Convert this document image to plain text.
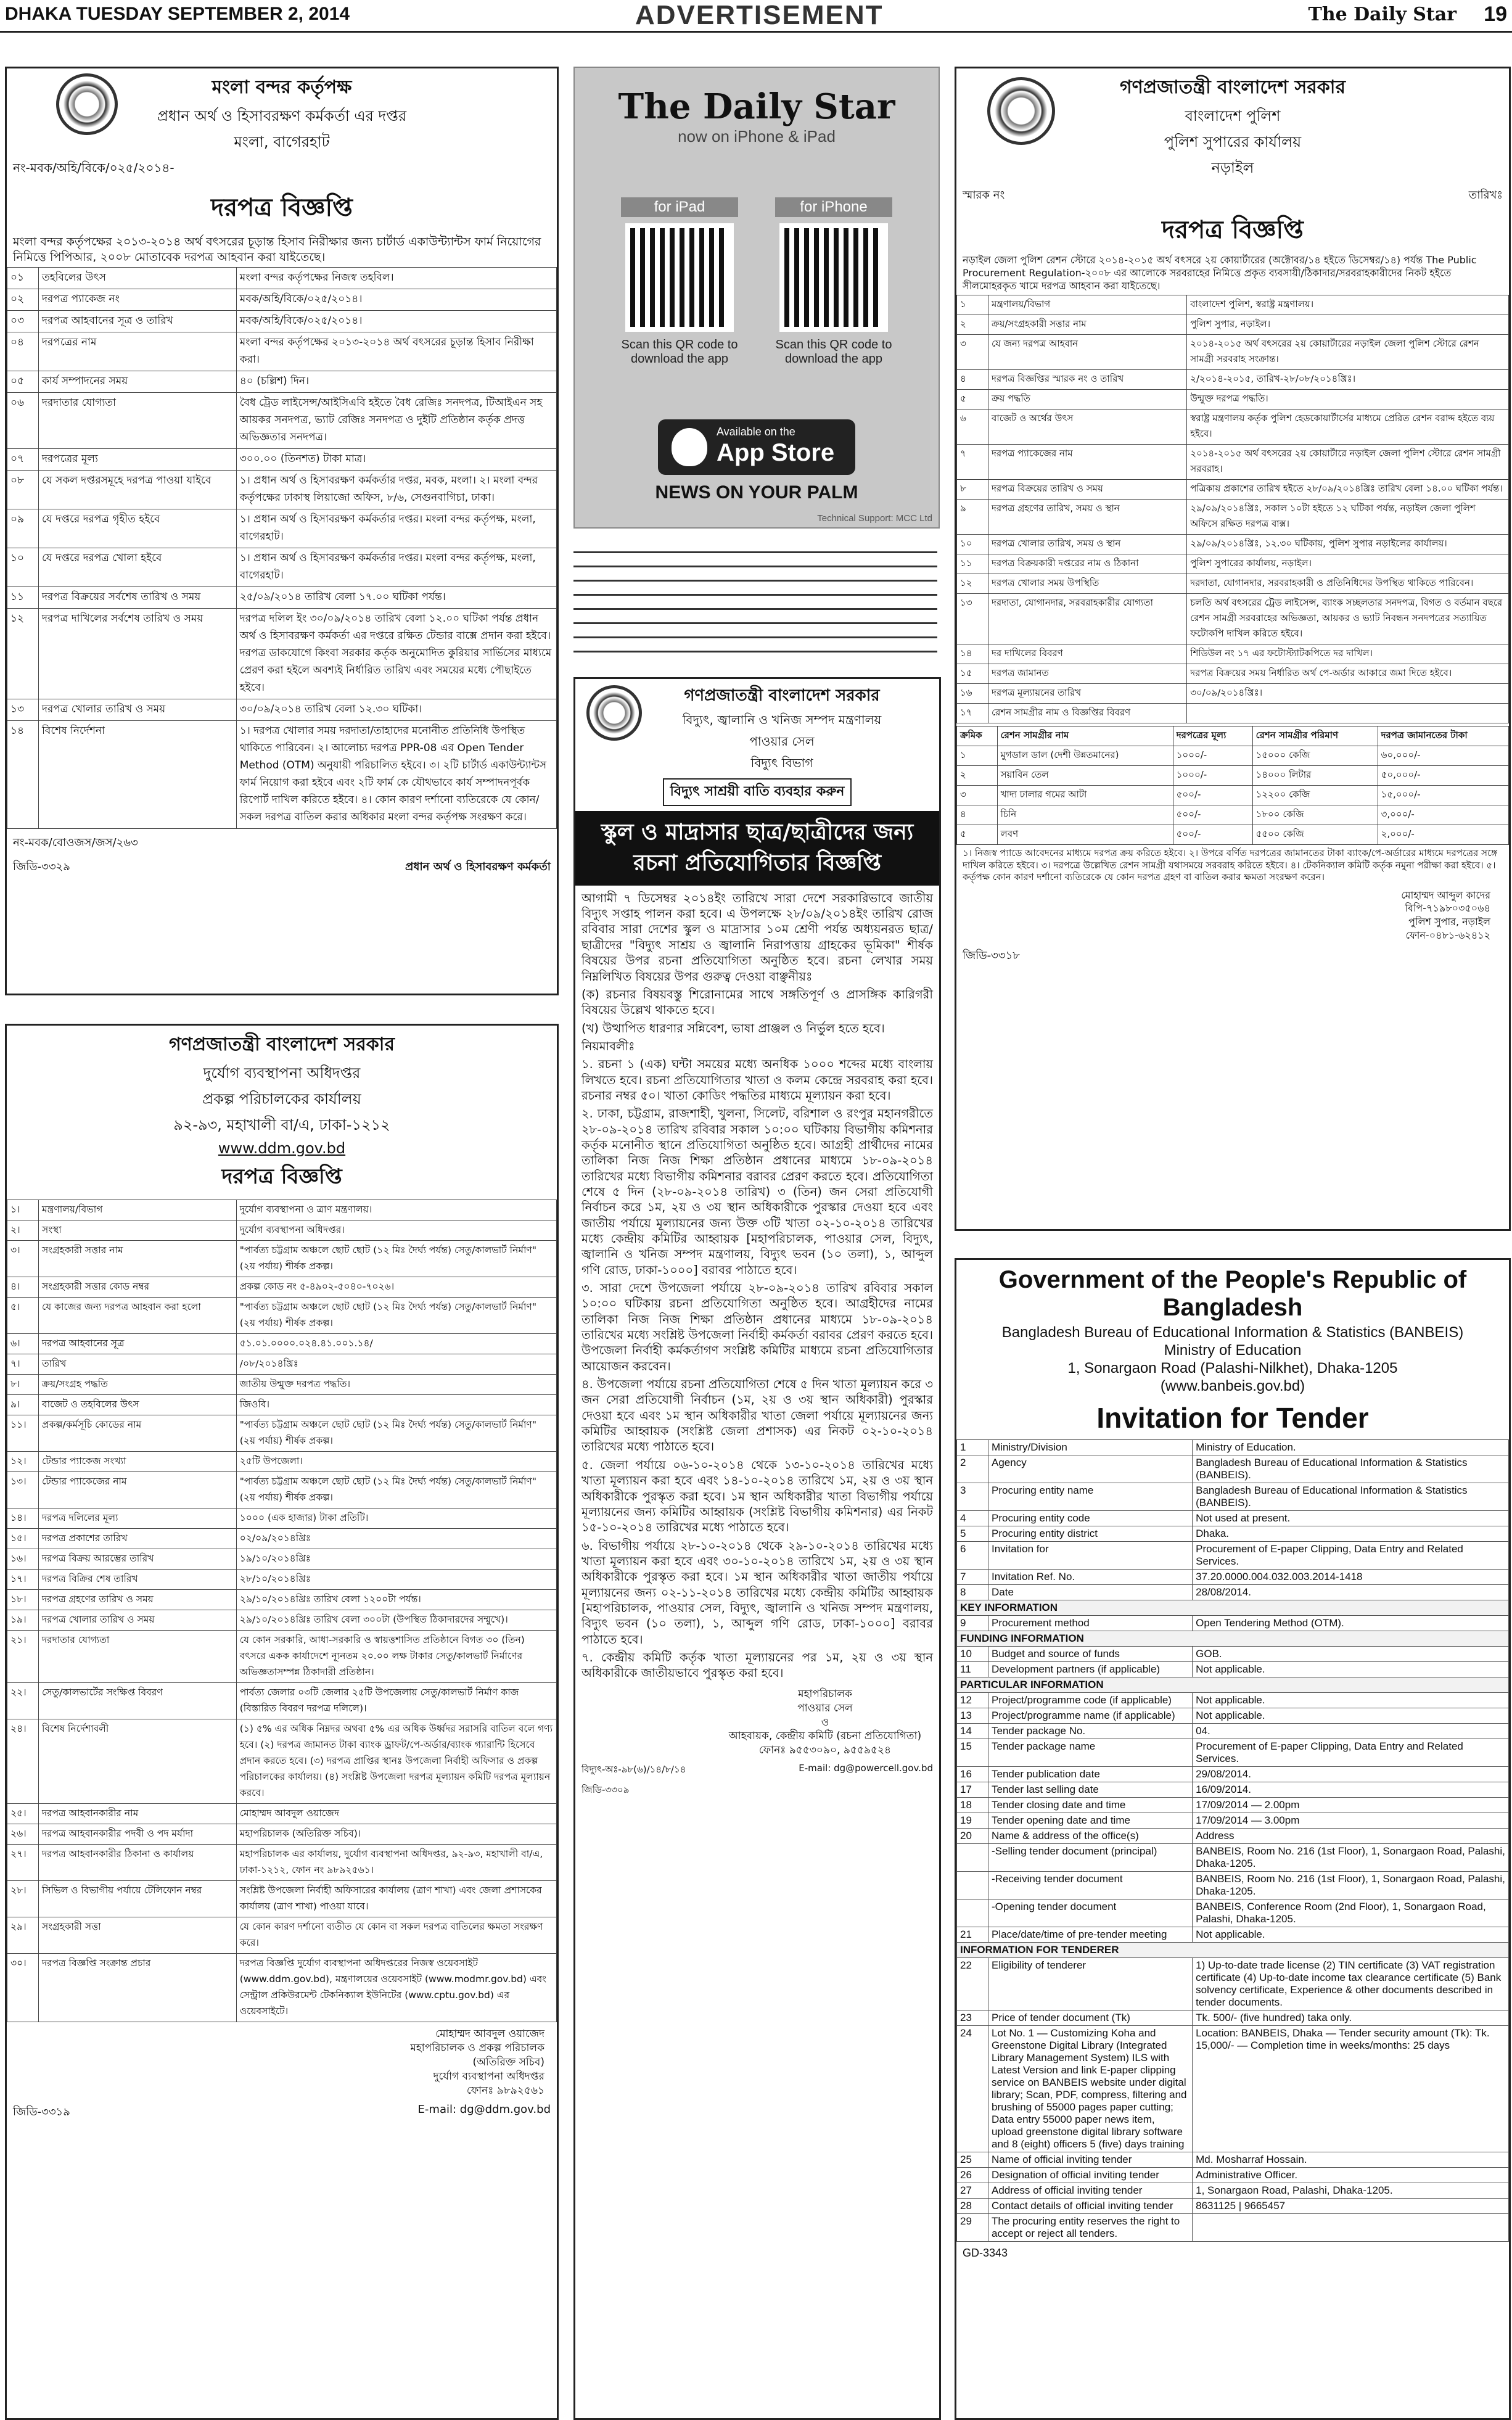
DHAKA TUESDAY SEPTEMBER 2, 2014	ADVERTISEMENT	The Daily Star 19
মংলা বন্দর কর্তৃপক্ষ
প্রধান অর্থ ও হিসাবরক্ষণ কর্মকর্তা এর দপ্তর
মংলা, বাগেরহাট
নং-মবক/অহি/বিকে/০২৫/২০১৪-
দরপত্র বিজ্ঞপ্তি
মংলা বন্দর কর্তৃপক্ষের ২০১৩-২০১৪ অর্থ বৎসরের চূড়ান্ত হিসাব নিরীক্ষার জন্য চার্টার্ড একাউন্ট্যান্টস ফার্ম নিয়োগের নিমিত্তে পিপিআর, ২০০৮ মোতাবেক দরপত্র আহবান করা যাইতেছে।
০১	তহবিলের উৎস	মংলা বন্দর কর্তৃপক্ষের নিজস্ব তহবিল।
০২	দরপত্র প্যাকেজ নং	মবক/অহি/বিকে/০২৫/২০১৪।
০৩	দরপত্র আহবানের সূত্র ও তারিখ	মবক/অহি/বিকে/০২৫/২০১৪।
০৪	দরপত্রের নাম	মংলা বন্দর কর্তৃপক্ষের ২০১৩-২০১৪ অর্থ বৎসরের চূড়ান্ত হিসাব নিরীক্ষা করা।
০৫	কার্য সম্পাদনের সময়	৪০ (চল্লিশ) দিন।
০৬	দরদাতার যোগ্যতা	বৈধ ট্রেড লাইসেন্স/আইসিএবি হইতে বৈধ রেজিঃ সনদপত্র, টিআইএন সহ আয়কর সনদপত্র, ভ্যাট রেজিঃ সনদপত্র ও দুইটি প্রতিষ্ঠান কর্তৃক প্রদত্ত অভিজ্ঞতার সনদপত্র।
০৭	দরপত্রের মূল্য	৩০০.০০ (তিনশত) টাকা মাত্র।
০৮	যে সকল দপ্তরসমূহে দরপত্র পাওয়া যাইবে	১। প্রধান অর্থ ও হিসাবরক্ষণ কর্মকর্তার দপ্তর, মবক, মংলা। ২। মংলা বন্দর কর্তৃপক্ষের ঢাকাস্থ লিয়াজো অফিস, ৮/৬, সেগুনবাগিচা, ঢাকা।
০৯	যে দপ্তরে দরপত্র গৃহীত হইবে	১। প্রধান অর্থ ও হিসাবরক্ষণ কর্মকর্তার দপ্তর। মংলা বন্দর কর্তৃপক্ষ, মংলা, বাগেরহাট।
১০	যে দপ্তরে দরপত্র খোলা হইবে	১। প্রধান অর্থ ও হিসাবরক্ষণ কর্মকর্তার দপ্তর। মংলা বন্দর কর্তৃপক্ষ, মংলা, বাগেরহাট।
১১	দরপত্র বিক্রয়ের সর্বশেষ তারিখ ও সময়	২৫/০৯/২০১৪ তারিখ বেলা ১৭.০০ ঘটিকা পর্যন্ত।
১২	দরপত্র দাখিলের সর্বশেষ তারিখ ও সময়	দরপত্র দলিল ইং ৩০/০৯/২০১৪ তারিখ বেলা ১২.০০ ঘটিকা পর্যন্ত প্রধান অর্থ ও হিসাবরক্ষণ কর্মকর্তা এর দপ্তরে রক্ষিত টেন্ডার বাক্সে প্রদান করা হইবে। দরপত্র ডাকযোগে কিংবা সরকার কর্তৃক অনুমোদিত কুরিয়ার সার্ভিসের মাধ্যমে প্রেরণ করা হইলে অবশ্যই নির্ধারিত তারিখ এবং সময়ের মধ্যে পৌছাইতে হইবে।
১৩	দরপত্র খোলার তারিখ ও সময়	৩০/০৯/২০১৪ তারিখ বেলা ১২.৩০ ঘটিকা।
১৪	বিশেষ নির্দেশনা	১। দরপত্র খোলার সময় দরদাতা/তাহাদের মনোনীত প্রতিনিধি উপস্থিত থাকিতে পারিবেন। ২। আলোচ্য দরপত্র PPR-08 এর Open Tender Method (OTM) অনুযায়ী পরিচালিত হইবে। ৩। ২টি চার্টার্ড একাউন্ট্যান্টস ফার্ম নিয়োগ করা হইবে এবং ২টি ফার্ম কে যৌথভাবে কার্য সম্পাদনপূর্বক রিপোর্ট দাখিল করিতে হইবে। ৪। কোন কারণ দর্শানো ব্যতিরেকে যে কোন/সকল দরপত্র বাতিল করার অধিকার মংলা বন্দর কর্তৃপক্ষ সংরক্ষণ করে।
নং-মবক/বোওজস/জস/২৬৩
জিডি-৩৩২৯	প্রধান অর্থ ও হিসাবরক্ষণ কর্মকর্তা
গণপ্রজাতন্ত্রী বাংলাদেশ সরকার
দুর্যোগ ব্যবস্থাপনা অধিদপ্তর
প্রকল্প পরিচালকের কার্যালয়
৯২-৯৩, মহাখালী বা/এ, ঢাকা-১২১২
www.ddm.gov.bd
দরপত্র বিজ্ঞপ্তি
১।	মন্ত্রণালয়/বিভাগ	দুর্যোগ ব্যবস্থাপনা ও ত্রাণ মন্ত্রণালয়।
২।	সংস্থা	দুর্যোগ ব্যবস্থাপনা অধিদপ্তর।
৩।	সংগ্রহকারী সত্তার নাম	"পার্বত্য চট্টগ্রাম অঞ্চলে ছোট ছোট (১২ মিঃ দৈর্ঘ্য পর্যন্ত) সেতু/কালভার্ট নির্মাণ" (২য় পর্যায়) শীর্ষক প্রকল্প।
৪।	সংগ্রহকারী সত্তার কোড নম্বর	প্রকল্প কোড নং ৫-৪৯০২-৫০৪০-৭০২৬।
৫।	যে কাজের জন্য দরপত্র আহবান করা হলো	"পার্বত্য চট্টগ্রাম অঞ্চলে ছোট ছোট (১২ মিঃ দৈর্ঘ্য পর্যন্ত) সেতু/কালভার্ট নির্মাণ" (২য় পর্যায়) শীর্ষক প্রকল্প।
৬।	দরপত্র আহবানের সূত্র	৫১.০১.০০০০.০২৪.৪১.০০১.১৪/
৭।	তারিখ	/০৮/২০১৪খ্রিঃ
৮।	ক্রয়/সংগ্রহ পদ্ধতি	জাতীয় উন্মুক্ত দরপত্র পদ্ধতি।
৯।	বাজেট ও তহবিলের উৎস	জিওবি।
১১।	প্রকল্প/কর্মসূচি কোডের নাম	"পার্বত্য চট্টগ্রাম অঞ্চলে ছোট ছোট (১২ মিঃ দৈর্ঘ্য পর্যন্ত) সেতু/কালভার্ট নির্মাণ" (২য় পর্যায়) শীর্ষক প্রকল্প।
১২।	টেন্ডার প্যাকেজ সংখ্যা	২৫টি উপজেলা।
১৩।	টেন্ডার প্যাকেজের নাম	"পার্বত্য চট্টগ্রাম অঞ্চলে ছোট ছোট (১২ মিঃ দৈর্ঘ্য পর্যন্ত) সেতু/কালভার্ট নির্মাণ" (২য় পর্যায়) শীর্ষক প্রকল্প।
১৪।	দরপত্র দলিলের মূল্য	১০০০ (এক হাজার) টাকা প্রতিটি।
১৫।	দরপত্র প্রকাশের তারিখ	০২/০৯/২০১৪খ্রিঃ
১৬।	দরপত্র বিক্রয় আরম্ভের তারিখ	১৯/১০/২০১৪খ্রিঃ
১৭।	দরপত্র বিক্রির শেষ তারিখ	২৮/১০/২০১৪খ্রিঃ
১৮।	দরপত্র গ্রহণের তারিখ ও সময়	২৯/১০/২০১৪খ্রিঃ তারিখ বেলা ১২০০টা পর্যন্ত।
১৯।	দরপত্র খোলার তারিখ ও সময়	২৯/১০/২০১৪খ্রিঃ তারিখ বেলা ৩০০টা (উপস্থিত ঠিকাদারদের সম্মুখে)।
২১।	দরদাতার যোগ্যতা	যে কোন সরকারি, আধা-সরকারি ও স্বায়ত্তশাসিত প্রতিষ্ঠানে বিগত ৩০ (তিন) বৎসরে একক কার্যাদেশে ন্যূনতম ২০.০০ লক্ষ টাকার সেতু/কালভার্ট নির্মাণের অভিজ্ঞতাসম্পন্ন ঠিকাদারী প্রতিষ্ঠান।
২২।	সেতু/কালভার্টের সংক্ষিপ্ত বিবরণ	পার্বত্য জেলার ০৩টি জেলার ২৫টি উপজেলায় সেতু/কালভার্ট নির্মাণ কাজ (বিস্তারিত বিবরণ দরপত্র দলিলে)।
২৪।	বিশেষ নির্দেশাবলী	(১) ৫% এর অধিক নিম্নদর অথবা ৫% এর অধিক উর্ধ্বদর সরাসরি বাতিল বলে গণ্য হবে। (২) দরপত্র জামানত টাকা ব্যাংক ড্রাফট/পে-অর্ডার/ব্যাংক গ্যারান্টি হিসেবে প্রদান করতে হবে। (৩) দরপত্র প্রাপ্তির স্থানঃ উপজেলা নির্বাহী অফিসার ও প্রকল্প পরিচালকের কার্যালয়। (৪) সংশ্লিষ্ট উপজেলা দরপত্র মূল্যায়ন কমিটি দরপত্র মূল্যায়ন করবে।
২৫।	দরপত্র আহবানকারীর নাম	মোহাম্মদ আবদুল ওয়াজেদ
২৬।	দরপত্র আহবানকারীর পদবী ও পদ মর্যাদা	মহাপরিচালক (অতিরিক্ত সচিব)।
২৭।	দরপত্র আহবানকারীর ঠিকানা ও কার্যালয়	মহাপরিচালক এর কার্যালয়, দুর্যোগ ব্যবস্থাপনা অধিদপ্তর, ৯২-৯৩, মহাখালী বা/এ, ঢাকা-১২১২, ফোন নং ৯৮৯২৫৬১।
২৮।	সিভিল ও বিভাগীয় পর্যায়ে টেলিফোন নম্বর	সংশ্লিষ্ট উপজেলা নির্বাহী অফিসারের কার্যালয় (ত্রাণ শাখা) এবং জেলা প্রশাসকের কার্যালয় (ত্রাণ শাখা) পাওয়া যাবে।
২৯।	সংগ্রহকারী সত্তা	যে কোন কারণ দর্শানো ব্যতীত যে কোন বা সকল দরপত্র বাতিলের ক্ষমতা সংরক্ষণ করে।
৩০।	দরপত্র বিজ্ঞপ্তি সংক্রান্ত প্রচার	দরপত্র বিজ্ঞপ্তি দুর্যোগ ব্যবস্থাপনা অধিদপ্তরের নিজস্ব ওয়েবসাইট (www.ddm.gov.bd), মন্ত্রণালয়ের ওয়েবসাইট (www.modmr.gov.bd) এবং সেন্ট্রাল প্রকিউরমেন্ট টেকনিক্যাল ইউনিটের (www.cptu.gov.bd) এর ওয়েবসাইটে।
মোহাম্মদ আবদুল ওয়াজেদ
মহাপরিচালক ও প্রকল্প পরিচালক
(অতিরিক্ত সচিব)
দুর্যোগ ব্যবস্থাপনা অধিদপ্তর
ফোনঃ ৯৮৯২৫৬১
জিডি-৩৩১৯	E-mail: dg@ddm.gov.bd
The Daily Star
now on iPhone & iPad
for iPad
Scan this QR code to download the app
for iPhone
Scan this QR code to download the app
Available on the
App Store
NEWS ON YOUR PALM
Technical Support: MCC Ltd
গণপ্রজাতন্ত্রী বাংলাদেশ সরকার
বিদ্যুৎ, জ্বালানি ও খনিজ সম্পদ মন্ত্রণালয়
পাওয়ার সেল
বিদ্যুৎ বিভাগ
বিদ্যুৎ সাশ্রয়ী বাতি ব্যবহার করুন
স্কুল ও মাদ্রাসার ছাত্র/ছাত্রীদের জন্য রচনা প্রতিযোগিতার বিজ্ঞপ্তি
আগামী ৭ ডিসেম্বর ২০১৪ইং তারিখে সারা দেশে সরকারিভাবে জাতীয় বিদ্যুৎ সপ্তাহ পালন করা হবে। এ উপলক্ষে ২৮/০৯/২০১৪ইং তারিখ রোজ রবিবার সারা দেশের স্কুল ও মাদ্রাসার ১০ম শ্রেণী পর্যন্ত অধ্যয়নরত ছাত্র/ছাত্রীদের "বিদ্যুৎ সাশ্রয় ও জ্বালানি নিরাপত্তায় গ্রাহকের ভূমিকা" শীর্ষক বিষয়ের উপর রচনা প্রতিযোগিতা অনুষ্ঠিত হবে। রচনা লেখার সময় নিম্নলিখিত বিষয়ের উপর গুরুত্ব দেওয়া বাঞ্ছনীয়ঃ
(ক) রচনার বিষয়বস্তু শিরোনামের সাথে সঙ্গতিপূর্ণ ও প্রাসঙ্গিক কারিগরী বিষয়ের উল্লেখ থাকতে হবে।
(খ) উত্থাপিত ধারণার সন্নিবেশ, ভাষা প্রাঞ্জল ও নির্ভুল হতে হবে।
নিয়মাবলীঃ
১. রচনা ১ (এক) ঘন্টা সময়ের মধ্যে অনধিক ১০০০ শব্দের মধ্যে বাংলায় লিখতে হবে। রচনা প্রতিযোগিতার খাতা ও কলম কেন্দ্রে সরবরাহ করা হবে। রচনার নম্বর ৫০। খাতা কোডিং পদ্ধতির মাধ্যমে মূল্যায়ন করা হবে।
২. ঢাকা, চট্টগ্রাম, রাজশাহী, খুলনা, সিলেট, বরিশাল ও রংপুর মহানগরীতে ২৮-০৯-২০১৪ তারিখ রবিবার সকাল ১০:০০ ঘটিকায় বিভাগীয় কমিশনার কর্তৃক মনোনীত স্থানে প্রতিযোগিতা অনুষ্ঠিত হবে। আগ্রহী প্রার্থীদের নামের তালিকা নিজ নিজ শিক্ষা প্রতিষ্ঠান প্রধানের মাধ্যমে ১৮-০৯-২০১৪ তারিখের মধ্যে বিভাগীয় কমিশনার বরাবর প্রেরণ করতে হবে। প্রতিযোগিতা শেষে ৫ দিন (২৮-০৯-২০১৪ তারিখ) ৩ (তিন) জন সেরা প্রতিযোগী নির্বাচন করে ১ম, ২য় ও ৩য় স্থান অধিকারীকে পুরস্কার দেওয়া হবে এবং জাতীয় পর্যায়ে মূল্যায়নের জন্য উক্ত ৩টি খাতা ০২-১০-২০১৪ তারিখের মধ্যে কেন্দ্রীয় কমিটির আহ্বায়ক [মহাপরিচালক, পাওয়ার সেল, বিদ্যুৎ, জ্বালানি ও খনিজ সম্পদ মন্ত্রণালয়, বিদ্যুৎ ভবন (১০ তলা), ১, আব্দুল গণি রোড, ঢাকা-১০০০] বরাবর পাঠাতে হবে।
৩. সারা দেশে উপজেলা পর্যায়ে ২৮-০৯-২০১৪ তারিখ রবিবার সকাল ১০:০০ ঘটিকায় রচনা প্রতিযোগিতা অনুষ্ঠিত হবে। আগ্রহীদের নামের তালিকা নিজ নিজ শিক্ষা প্রতিষ্ঠান প্রধানের মাধ্যমে ১৮-০৯-২০১৪ তারিখের মধ্যে সংশ্লিষ্ট উপজেলা নির্বাহী কর্মকর্তা বরাবর প্রেরণ করতে হবে। উপজেলা নির্বাহী কর্মকর্তাগণ সংশ্লিষ্ট কমিটির মাধ্যমে রচনা প্রতিযোগিতার আয়োজন করবেন।
৪. উপজেলা পর্যায়ে রচনা প্রতিযোগিতা শেষে ৫ দিন খাতা মূল্যায়ন করে ৩ জন সেরা প্রতিযোগী নির্বাচন (১ম, ২য় ও ৩য় স্থান অধিকারী) পুরস্কার দেওয়া হবে এবং ১ম স্থান অধিকারীর খাতা জেলা পর্যায়ে মূল্যায়নের জন্য কমিটির আহ্বায়ক (সংশ্লিষ্ট জেলা প্রশাসক) এর নিকট ০২-১০-২০১৪ তারিখের মধ্যে পাঠাতে হবে।
৫. জেলা পর্যায়ে ০৬-১০-২০১৪ থেকে ১৩-১০-২০১৪ তারিখের মধ্যে খাতা মূল্যায়ন করা হবে এবং ১৪-১০-২০১৪ তারিখে ১ম, ২য় ও ৩য় স্থান অধিকারীকে পুরস্কৃত করা হবে। ১ম স্থান অধিকারীর খাতা বিভাগীয় পর্যায়ে মূল্যায়নের জন্য কমিটির আহ্বায়ক (সংশ্লিষ্ট বিভাগীয় কমিশনার) এর নিকট ১৫-১০-২০১৪ তারিখের মধ্যে পাঠাতে হবে।
৬. বিভাগীয় পর্যায়ে ২৮-১০-২০১৪ থেকে ২৯-১০-২০১৪ তারিখের মধ্যে খাতা মূল্যায়ন করা হবে এবং ৩০-১০-২০১৪ তারিখে ১ম, ২য় ও ৩য় স্থান অধিকারীকে পুরস্কৃত করা হবে। ১ম স্থান অধিকারীর খাতা জাতীয় পর্যায়ে মূল্যায়নের জন্য ০২-১১-২০১৪ তারিখের মধ্যে কেন্দ্রীয় কমিটির আহ্বায়ক [মহাপরিচালক, পাওয়ার সেল, বিদ্যুৎ, জ্বালানি ও খনিজ সম্পদ মন্ত্রণালয়, বিদ্যুৎ ভবন (১০ তলা), ১, আব্দুল গণি রোড, ঢাকা-১০০০] বরাবর পাঠাতে হবে।
৭. কেন্দ্রীয় কমিটি কর্তৃক খাতা মূল্যায়নের পর ১ম, ২য় ও ৩য় স্থান অধিকারীকে জাতীয়ভাবে পুরস্কৃত করা হবে।
মহাপরিচালক
পাওয়ার সেল
ও
আহবায়ক, কেন্দ্রীয় কমিটি (রচনা প্রতিযোগিতা)
ফোনঃ ৯৫৫৩০৯০, ৯৫৫৯৫২৪
বিদ্যুৎ-অঃ-৯৮(৬)/১৪/৮/১৪	E-mail: dg@powercell.gov.bd
জিডি-৩৩০৯
গণপ্রজাতন্ত্রী বাংলাদেশ সরকার
বাংলাদেশ পুলিশ
পুলিশ সুপারের কার্যালয়
নড়াইল
স্মারক নং	তারিখঃ
দরপত্র বিজ্ঞপ্তি
নড়াইল জেলা পুলিশ রেশন স্টোরে ২০১৪-২০১৫ অর্থ বৎসরে ২য় কোয়ার্টারের (অক্টোবর/১৪ হইতে ডিসেম্বর/১৪) পর্যন্ত The Public Procurement Regulation-২০০৮ এর আলোকে সরবরাহের নিমিত্তে প্রকৃত ব্যবসায়ী/ঠিকাদার/সরবরাহকারীদের নিকট হইতে সীলমোহরকৃত খামে দরপত্র আহবান করা যাইতেছে।
১	মন্ত্রণালয়/বিভাগ	বাংলাদেশ পুলিশ, স্বরাষ্ট্র মন্ত্রণালয়।
২	ক্রয়/সংগ্রহকারী সত্তার নাম	পুলিশ সুপার, নড়াইল।
৩	যে জন্য দরপত্র আহবান	২০১৪-২০১৫ অর্থ বৎসরের ২য় কোয়ার্টারের নড়াইল জেলা পুলিশ স্টোরে রেশন সামগ্রী সরবরাহ সংক্রান্ত।
৪	দরপত্র বিজ্ঞপ্তির স্মারক নং ও তারিখ	২/২০১৪-২০১৫, তারিখ-২৮/০৮/২০১৪খ্রিঃ।
৫	ক্রয় পদ্ধতি	উন্মুক্ত দরপত্র পদ্ধতি।
৬	বাজেট ও অর্থের উৎস	স্বরাষ্ট্র মন্ত্রণালয় কর্তৃক পুলিশ হেডকোয়ার্টার্সের মাধ্যমে প্রেরিত রেশন বরাদ্দ হইতে ব্যয় হইবে।
৭	দরপত্র প্যাকেজের নাম	২০১৪-২০১৫ অর্থ বৎসরের ২য় কোয়ার্টারে নড়াইল জেলা পুলিশ স্টোরে রেশন সামগ্রী সরবরাহ।
৮	দরপত্র বিক্রয়ের তারিখ ও সময়	পত্রিকায় প্রকাশের তারিখ হইতে ২৮/০৯/২০১৪খ্রিঃ তারিখ বেলা ১৪.০০ ঘটিকা পর্যন্ত।
৯	দরপত্র গ্রহণের তারিখ, সময় ও স্থান	২৯/০৯/২০১৪খ্রিঃ, সকাল ১০টা হইতে ১২ ঘটিকা পর্যন্ত, নড়াইল জেলা পুলিশ অফিসে রক্ষিত দরপত্র বাক্স।
১০	দরপত্র খোলার তারিখ, সময় ও স্থান	২৯/০৯/২০১৪খ্রিঃ, ১২.৩০ ঘটিকায়, পুলিশ সুপার নড়াইলের কার্যালয়।
১১	দরপত্র বিক্রয়কারী দপ্তরের নাম ও ঠিকানা	পুলিশ সুপারের কার্যালয়, নড়াইল।
১২	দরপত্র খোলার সময় উপস্থিতি	দরদাতা, যোগানদার, সরবরাহকারী ও প্রতিনিধিদের উপস্থিত থাকিতে পারিবেন।
১৩	দরদাতা, যোগানদার, সরবরাহকারীর যোগ্যতা	চলতি অর্থ বৎসরের ট্রেড লাইসেন্স, ব্যাংক সচ্ছলতার সনদপত্র, বিগত ও বর্তমান বছরে রেশন সামগ্রী সরবরাহের অভিজ্ঞতা, আয়কর ও ভ্যাট নিবন্ধন সনদপত্রের সত্যায়িত ফটোকপি দাখিল করিতে হইবে।
১৪	দর দাখিলের বিবরণ	শিডিউল নং ১৭ এর ফটোস্ট্যাটকপিতে দর দাখিল।
১৫	দরপত্র জামানত	দরপত্র বিক্রয়ের সময় নির্ধারিত অর্থ পে-অর্ডার আকারে জমা দিতে হইবে।
১৬	দরপত্র মূল্যায়নের তারিখ	৩০/০৯/২০১৪খ্রিঃ।
১৭	রেশন সামগ্রীর নাম ও বিজ্ঞপ্তির বিবরণ	
ক্রমিক	রেশন সামগ্রীর নাম	দরপত্রের মূল্য	রেশন সামগ্রীর পরিমাণ	দরপত্র জামানতের টাকা
১	মুগডাল ডাল (দেশী উন্নতমানের)	১০০০/-	১৫০০০ কেজি	৬০,০০০/-
২	সয়াবিন তেল	১০০০/-	১৪০০০ লিটার	৫০,০০০/-
৩	খাদ্য ঢালার গমের আটা	৫০০/-	১২২০০ কেজি	১৫,০০০/-
৪	চিনি	৫০০/-	১৮০০ কেজি	৩,০০০/-
৫	লবণ	৫০০/-	৫৫০০ কেজি	২,০০০/-
১। নিজস্ব প্যাডে আবেদনের মাধ্যমে দরপত্র ক্রয় করিতে হইবে। ২। উপরে বর্ণিত দরপত্রের জামানতের টাকা ব্যাংক/পে-অর্ডারের মাধ্যমে দরপত্রের সঙ্গে দাখিল করিতে হইবে। ৩। দরপত্রে উল্লেখিত রেশন সামগ্রী যথাসময়ে সরবরাহ করিতে হইবে। ৪। টেকনিক্যাল কমিটি কর্তৃক নমুনা পরীক্ষা করা হইবে। ৫। কর্তৃপক্ষ কোন কারণ দর্শানো ব্যতিরেকে যে কোন দরপত্র গ্রহণ বা বাতিল করার ক্ষমতা সংরক্ষণ করেন।
মোহাম্মদ আব্দুল কাদের
বিপি-৭১৯৮০৩৫০৬৪
পুলিশ সুপার, নড়াইল
ফোন-০৪৮১-৬২৪১২
জিডি-৩৩১৮
Government of the People's Republic of Bangladesh
Bangladesh Bureau of Educational Information & Statistics (BANBEIS)
Ministry of Education
1, Sonargaon Road (Palashi-Nilkhet), Dhaka-1205
(www.banbeis.gov.bd)
Invitation for Tender
1	Ministry/Division	Ministry of Education.
2	Agency	Bangladesh Bureau of Educational Information & Statistics (BANBEIS).
3	Procuring entity name	Bangladesh Bureau of Educational Information & Statistics (BANBEIS).
4	Procuring entity code	Not used at present.
5	Procuring entity district	Dhaka.
6	Invitation for	Procurement of E-paper Clipping, Data Entry and Related Services.
7	Invitation Ref. No.	37.20.0000.004.032.003.2014-1418
8	Date	28/08/2014.
KEY INFORMATION		
9	Procurement method	Open Tendering Method (OTM).
FUNDING INFORMATION		
10	Budget and source of funds	GOB.
11	Development partners (if applicable)	Not applicable.
PARTICULAR INFORMATION		
12	Project/programme code (if applicable)	Not applicable.
13	Project/programme name (if applicable)	Not applicable.
14	Tender package No.	04.
15	Tender package name	Procurement of E-paper Clipping, Data Entry and Related Services.
16	Tender publication date	29/08/2014.
17	Tender last selling date	16/09/2014.
18	Tender closing date and time	17/09/2014 — 2.00pm
19	Tender opening date and time	17/09/2014 — 3.00pm
20	Name & address of the office(s)	Address
	-Selling tender document (principal)	BANBEIS, Room No. 216 (1st Floor), 1, Sonargaon Road, Palashi, Dhaka-1205.
	-Receiving tender document	BANBEIS, Room No. 216 (1st Floor), 1, Sonargaon Road, Palashi, Dhaka-1205.
	-Opening tender document	BANBEIS, Conference Room (2nd Floor), 1, Sonargaon Road, Palashi, Dhaka-1205.
21	Place/date/time of pre-tender meeting	Not applicable.
INFORMATION FOR TENDERER		
22	Eligibility of tenderer	1) Up-to-date trade license (2) TIN certificate (3) VAT registration certificate (4) Up-to-date income tax clearance certificate (5) Bank solvency certificate, Experience & other documents described in tender documents.
23	Price of tender document (Tk)	Tk. 500/- (five hundred) taka only.
24	Lot No. 1 — Customizing Koha and Greenstone Digital Library (Integrated Library Management System) ILS with Latest Version and link E-paper clipping service on BANBEIS website under digital library; Scan, PDF, compress, filtering and brushing of 55000 pages paper cutting; Data entry 55000 paper news item, upload greenstone digital library software and 8 (eight) officers 5 (five) days training	Location: BANBEIS, Dhaka — Tender security amount (Tk): Tk. 15,000/- — Completion time in weeks/months: 25 days
25	Name of official inviting tender	Md. Mosharraf Hossain.
26	Designation of official inviting tender	Administrative Officer.
27	Address of official inviting tender	1, Sonargaon Road, Palashi, Dhaka-1205.
28	Contact details of official inviting tender	8631125 | 9665457
29	The procuring entity reserves the right to accept or reject all tenders.	
GD-3343
